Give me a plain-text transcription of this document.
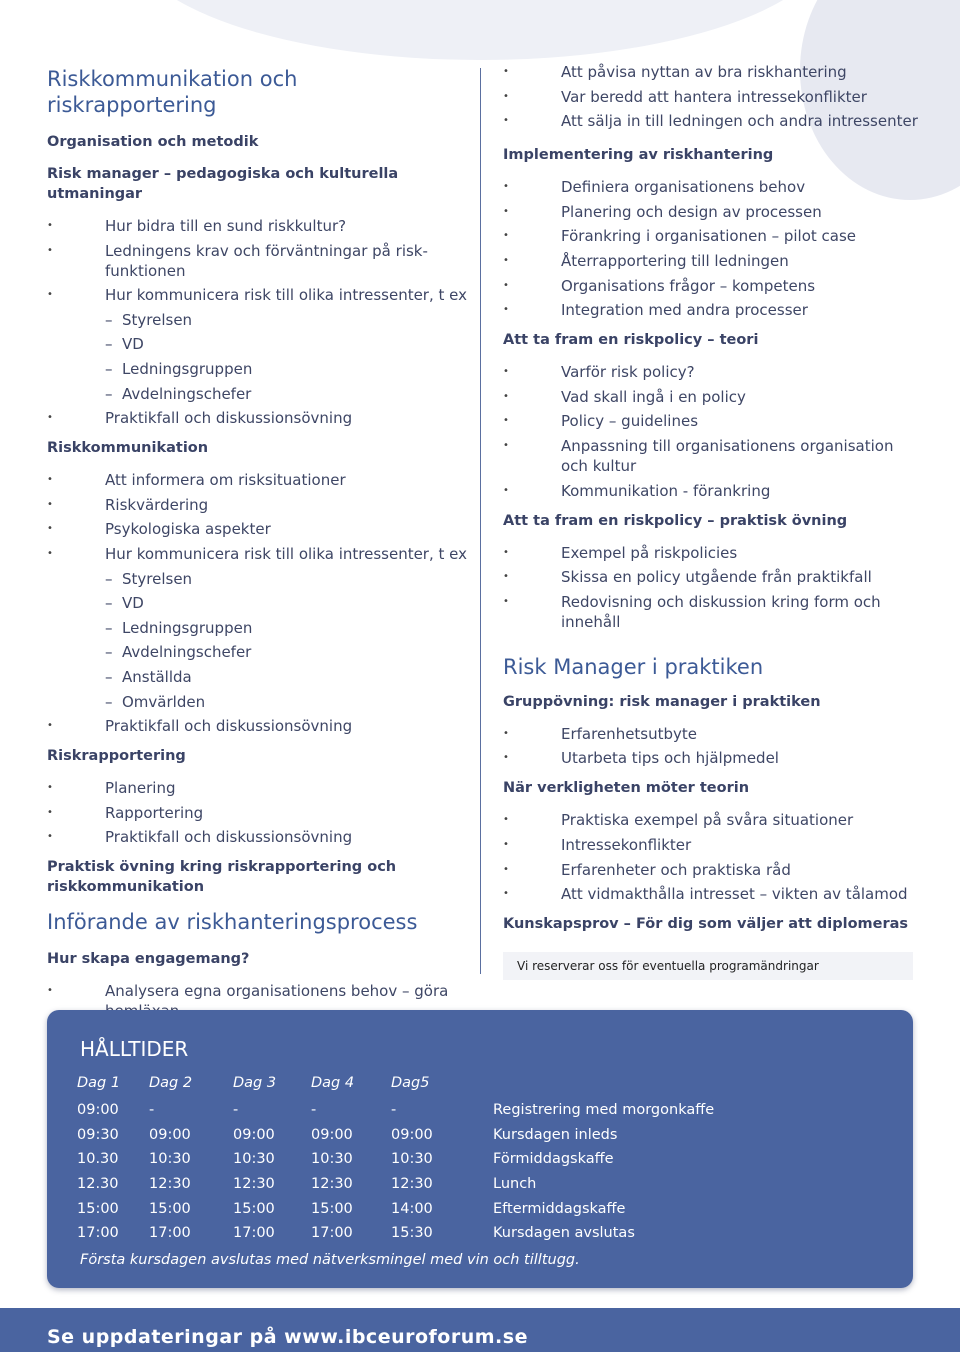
Riskkommunikation och riskrapportering
Organisation och metodik
Risk manager – pedagogiska och kulturella utmaningar
• Hur bidra till en sund riskkultur?
• Ledningens krav och förväntningar på risk-funktionen
• Hur kommunicera risk till olika intressenter, t ex
– Styrelsen
– VD
– Ledningsgruppen
– Avdelningschefer
• Praktikfall och diskussionsövning
Riskkommunikation
• Att informera om risksituationer
• Riskvärdering
• Psykologiska aspekter
• Hur kommunicera risk till olika intressenter, t ex
– Styrelsen
– VD
– Ledningsgruppen
– Avdelningschefer
– Anställda
– Omvärlden
• Praktikfall och diskussionsövning
Riskrapportering
• Planering
• Rapportering
• Praktikfall och diskussionsövning
Praktisk övning kring riskrapportering och riskkommunikation
Införande av riskhanteringsprocess
Hur skapa engagemang?
• Analysera egna organisationens behov – göra
• Att påvisa nyttan av bra riskhantering
• Var beredd att hantera intressekonflikter
• Att sälja in till ledningen och andra intressenter
Implementering av riskhantering
• Definiera organisationens behov
• Planering och design av processen
• Förankring i organisationen – pilot case
• Återrapportering till ledningen
• Organisations frågor – kompetens
• Integration med andra processer
Att ta fram en riskpolicy – teori
• Varför risk policy?
• Vad skall ingå i en policy
• Policy – guidelines
• Anpassning till organisationens organisation och kultur
• Kommunikation - förankring
Att ta fram en riskpolicy – praktisk övning
• Exempel på riskpolicies
• Skissa en policy utgående från praktikfall
• Redovisning och diskussion kring form och innehåll
Risk Manager i praktiken
Gruppövning: risk manager i praktiken
• Erfarenhetsutbyte
• Utarbeta tips och hjälpmedel
När verkligheten möter teorin
• Praktiska exempel på svåra situationer
• Intressekonflikter
• Erfarenheter och praktiska råd
• Att vidmakthålla intresset – vikten av tålamod
Kunskapsprov – För dig som väljer att diplomeras
Vi reserverar oss för eventuella programändringar
HÅLLTIDER
Dag 1	Dag 2	Dag 3	Dag 4	Dag5	
09:00	-	-	-	-	Registrering med morgonkaffe
09:30	09:00	09:00	09:00	09:00	Kursdagen inleds
10.30	10:30	10:30	10:30	10:30	Förmiddagskaffe
12.30	12:30	12:30	12:30	12:30	Lunch
15:00	15:00	15:00	15:00	14:00	Eftermiddagskaffe
17:00	17:00	17:00	17:00	15:30	Kursdagen avslutas
Första kursdagen avslutas med nätverksmingel med vin och tilltugg.
Se uppdateringar på www.ibceuroforum.se
